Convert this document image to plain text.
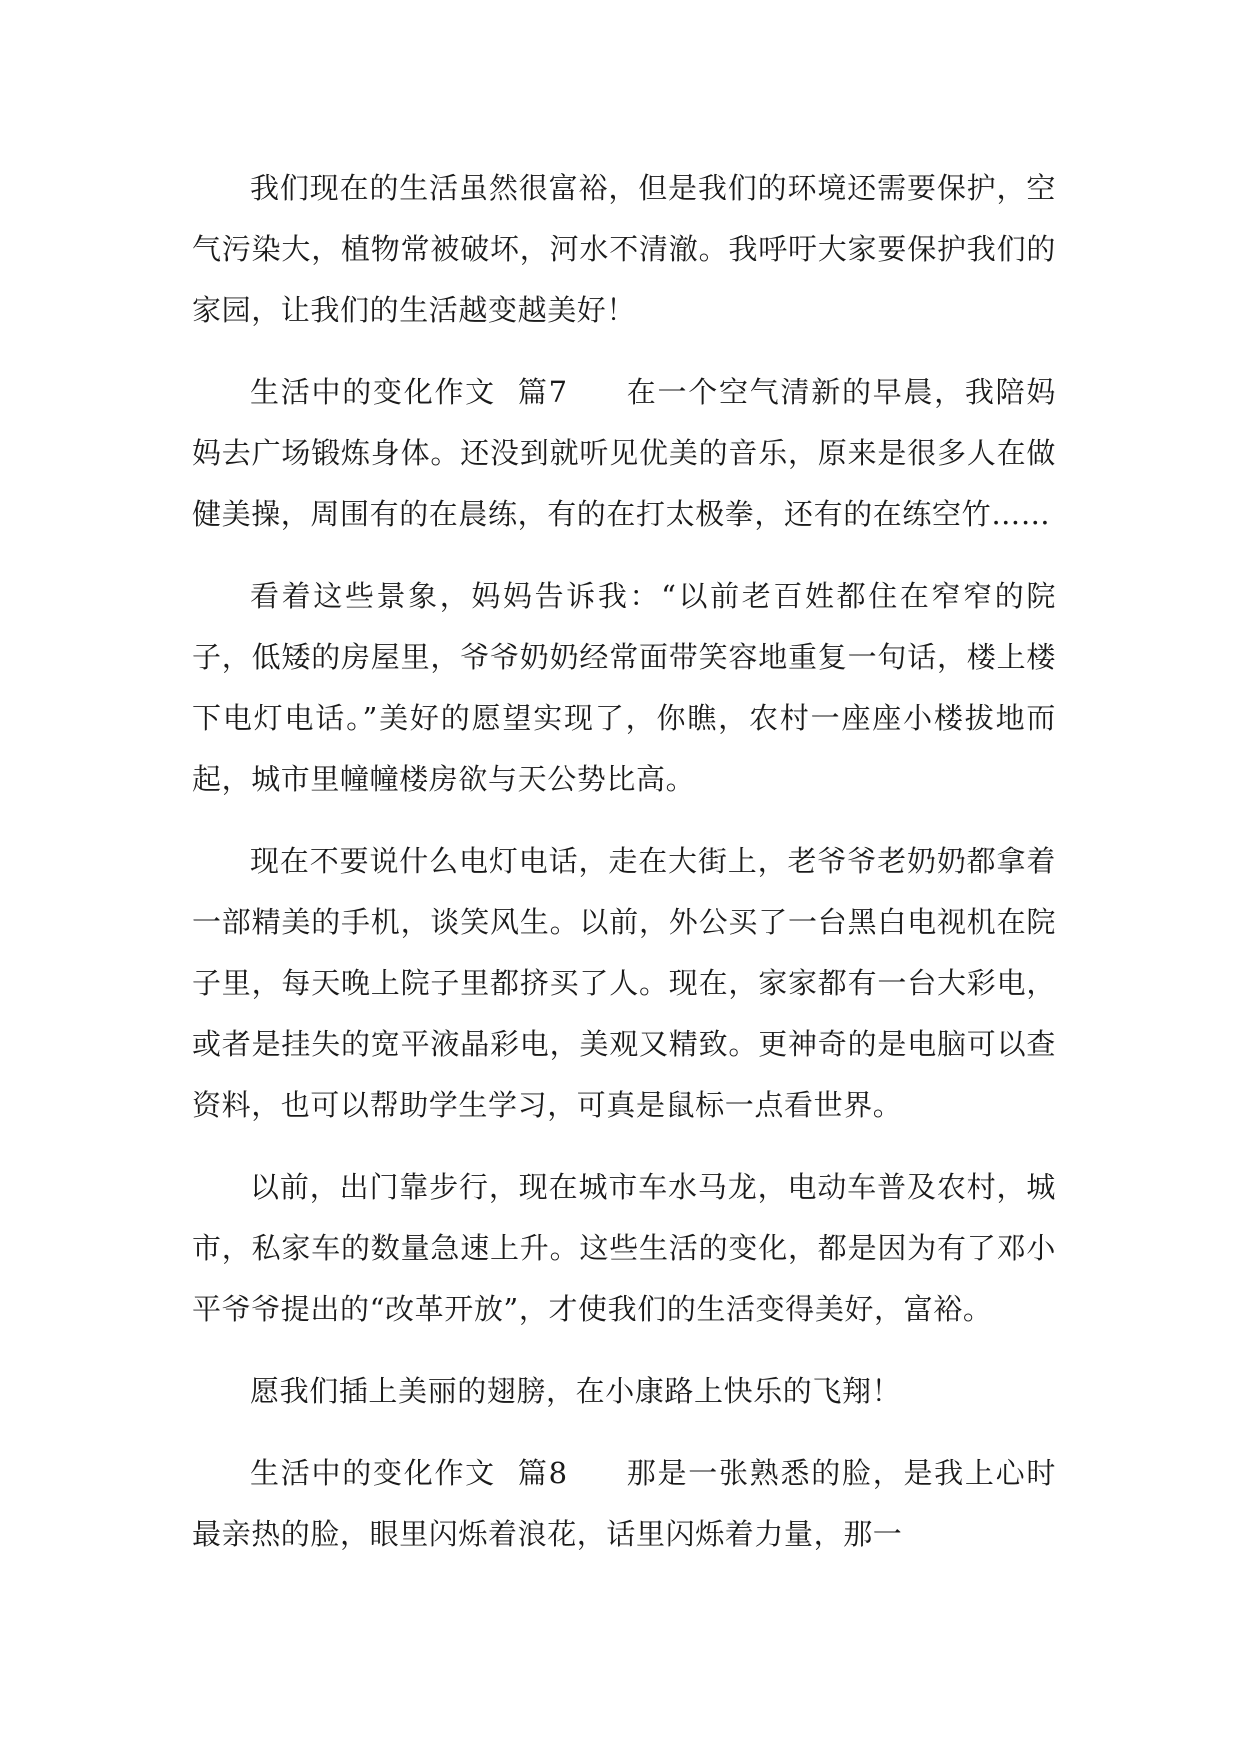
我们现在的生活虽然很富裕，但是我们的环境还需要保护，空气污染大，植物常被破坏，河水不清澈。我呼吁大家要保护我们的家园，让我们的生活越变越美好！

生活中的变化作文  篇7 在一个空气清新的早晨，我陪妈妈去广场锻炼身体。还没到就听见优美的音乐，原来是很多人在做健美操，周围有的在晨练，有的在打太极拳，还有的在练空竹……

看着这些景象，妈妈告诉我：“以前老百姓都住在窄窄的院子，低矮的房屋里，爷爷奶奶经常面带笑容地重复一句话，楼上楼下电灯电话。”美好的愿望实现了，你瞧，农村一座座小楼拔地而起，城市里幢幢楼房欲与天公势比高。

现在不要说什么电灯电话，走在大街上，老爷爷老奶奶都拿着一部精美的手机，谈笑风生。以前，外公买了一台黑白电视机在院子里，每天晚上院子里都挤买了人。现在，家家都有一台大彩电，或者是挂失的宽平液晶彩电，美观又精致。更神奇的是电脑可以查资料，也可以帮助学生学习，可真是鼠标一点看世界。

以前，出门靠步行，现在城市车水马龙，电动车普及农村，城市，私家车的数量急速上升。这些生活的变化，都是因为有了邓小平爷爷提出的“改革开放”，才使我们的生活变得美好，富裕。

愿我们插上美丽的翅膀，在小康路上快乐的飞翔！

生活中的变化作文  篇8 那是一张熟悉的脸，是我上心时最亲热的脸，眼里闪烁着浪花，话里闪烁着力量，那一
